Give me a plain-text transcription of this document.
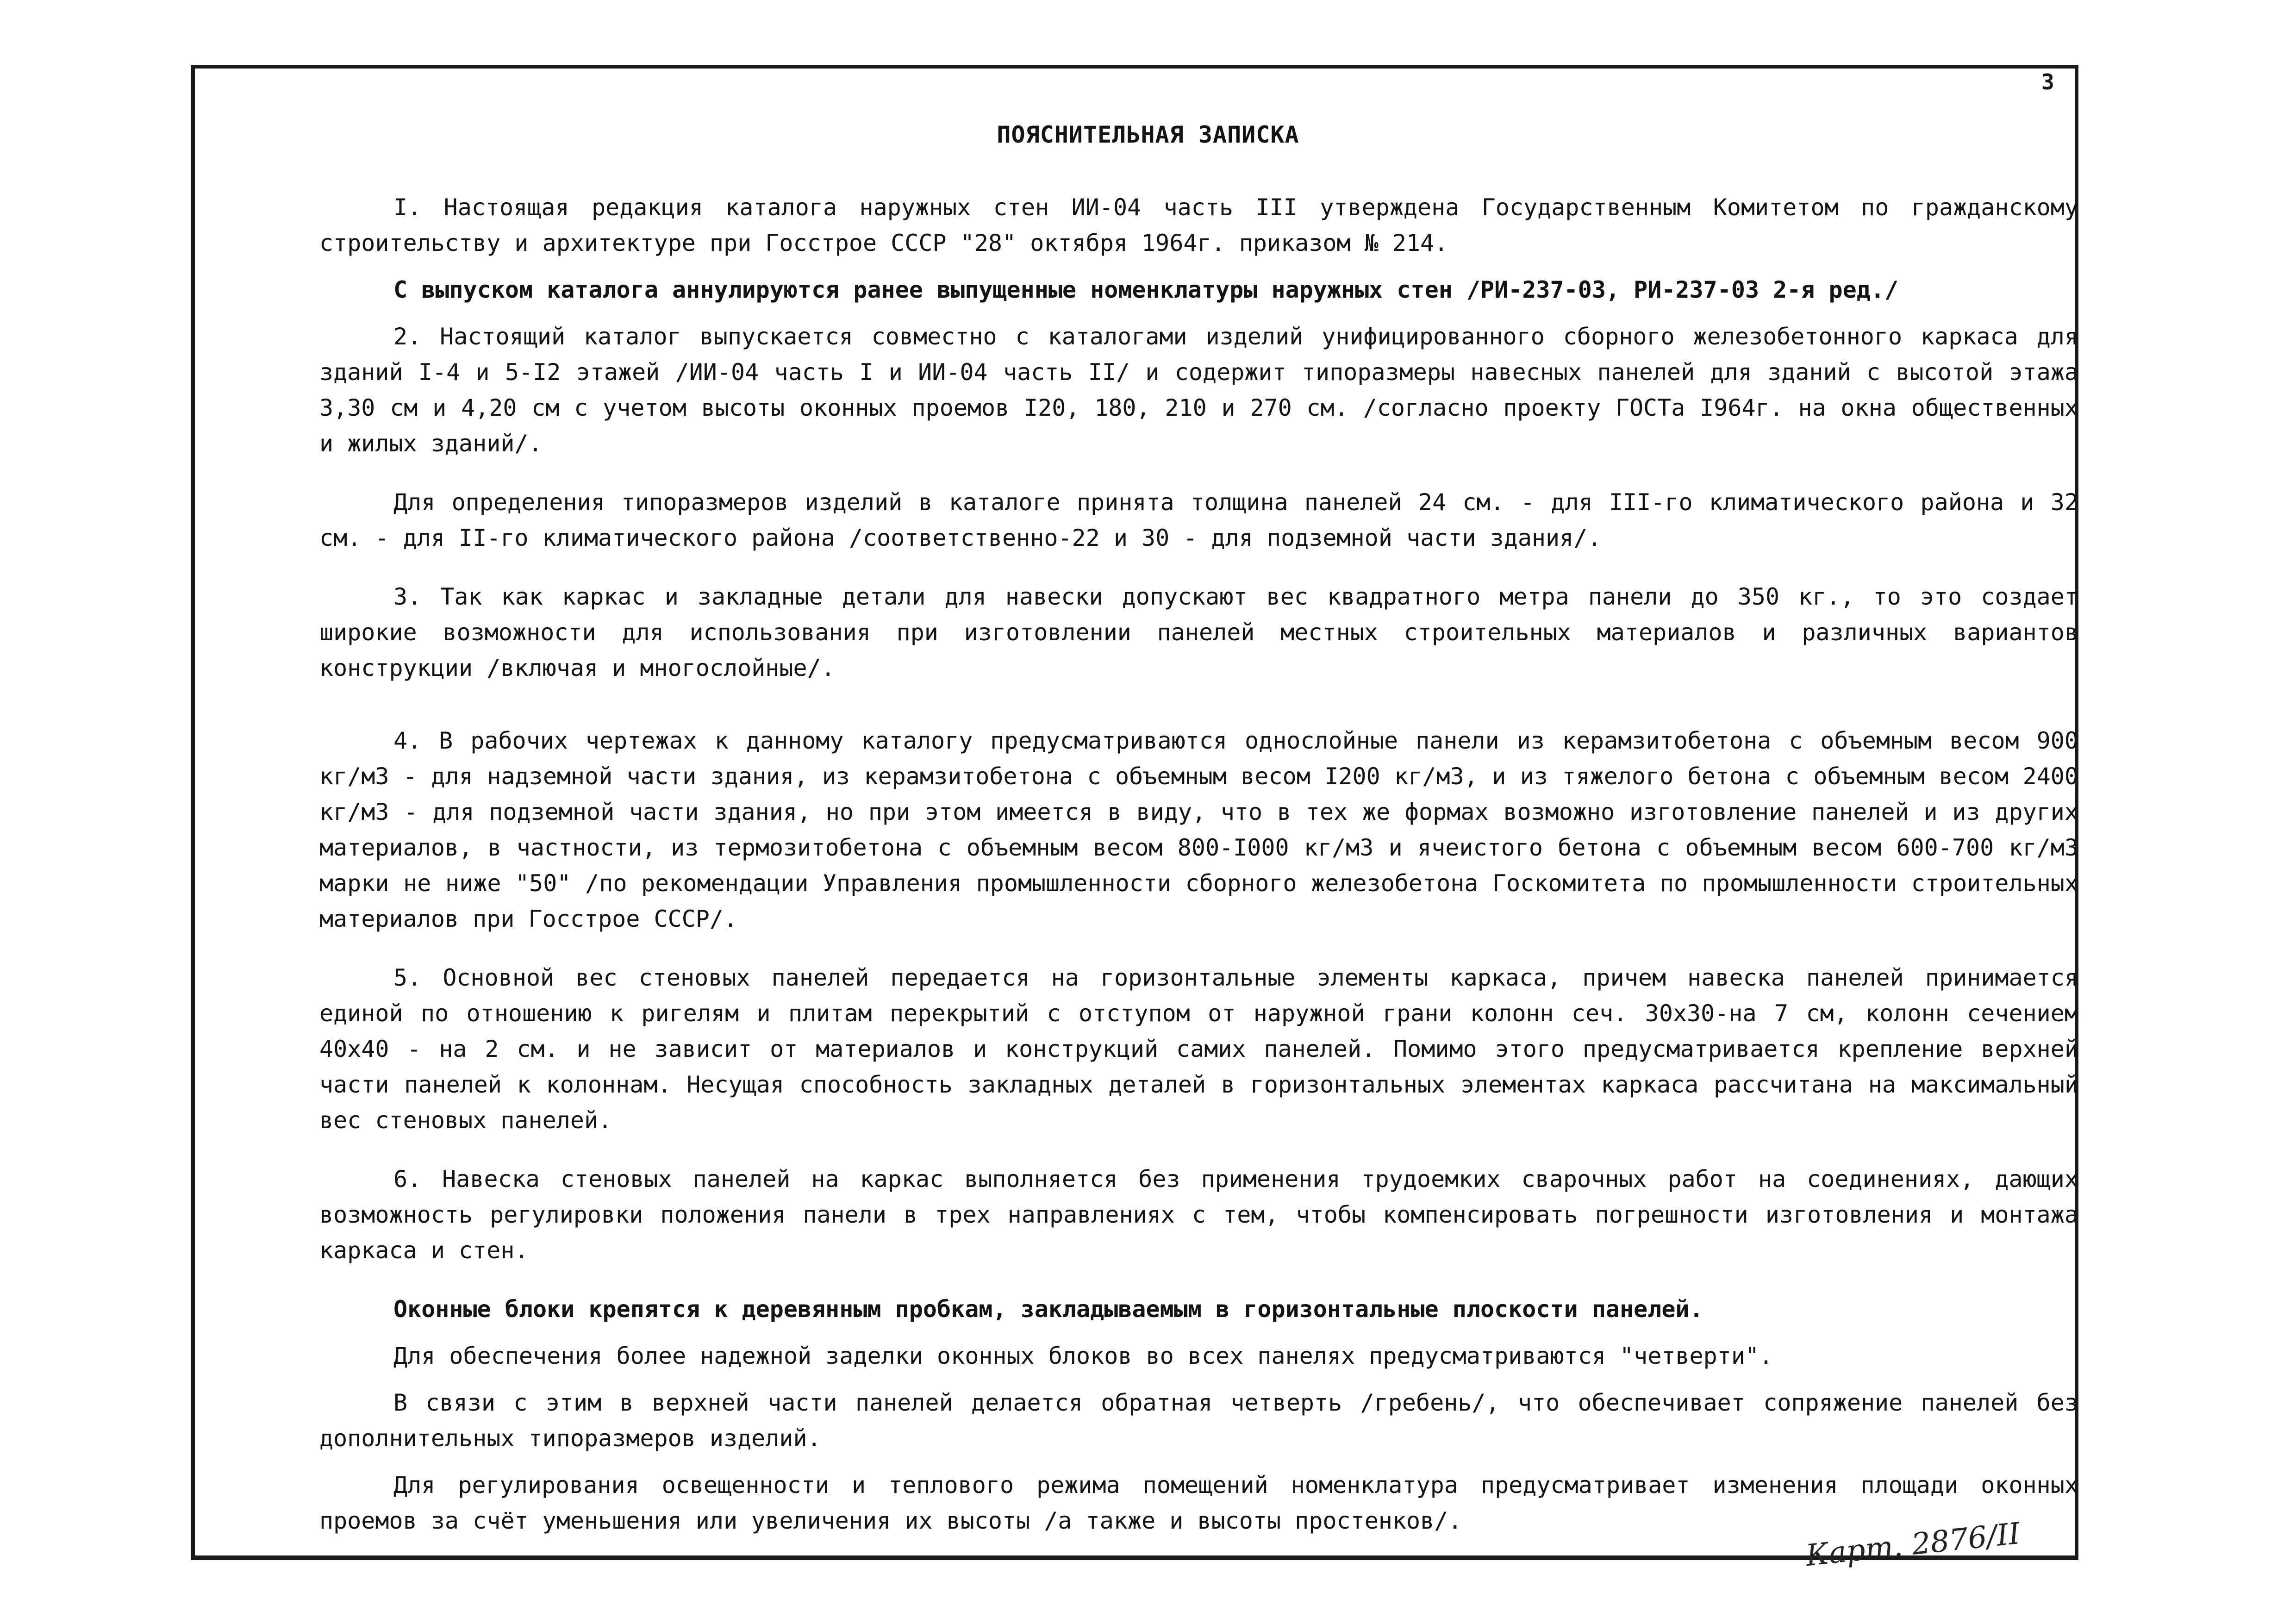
3
ПОЯСНИТЕЛЬНАЯ ЗАПИСКА

I. Настоящая редакция каталога наружных стен ИИ-04 часть III утверждена Государственным Комитетом по гражданскому строительству и архитектуре при Госстрое СССР "28" октября 1964г. приказом № 214.

С выпуском каталога аннулируются ранее выпущенные номенклатуры наружных стен /РИ-237-03, РИ-237-03 2-я ред./

2. Настоящий каталог выпускается совместно с каталогами изделий унифицированного сборного железобетонного каркаса для зданий I-4 и 5-I2 этажей /ИИ-04 часть I и ИИ-04 часть II/ и содержит типоразмеры навесных панелей для зданий с высотой этажа 3,30 см и 4,20 см с учетом высоты оконных проемов I20, 180, 210 и 270 см. /согласно проекту ГОСТа I964г. на окна общественных и жилых зданий/.

Для определения типоразмеров изделий в каталоге принята толщина панелей 24 см. - для III-го климатического района и 32 см. - для II-го климатического района /соответственно-22 и 30 - для подземной части здания/.

3. Так как каркас и закладные детали для навески допускают вес квадратного метра панели до 350 кг., то это создает широкие возможности для использования при изготовлении панелей местных строительных материалов и различных вариантов конструкции /включая и многослойные/.

4. В рабочих чертежах к данному каталогу предусматриваются однослойные панели из керамзитобетона с объемным весом 900 кг/м3 - для надземной части здания, из керамзитобетона с объемным весом I200 кг/м3, и из тяжелого бетона с объемным весом 2400 кг/м3 - для подземной части здания, но при этом имеется в виду, что в тех же формах возможно изготовление панелей и из других материалов, в частности, из термозитобетона с объемным весом 800-I000 кг/м3 и ячеистого бетона с объемным весом 600-700 кг/м3 марки не ниже "50" /по рекомендации Управления промышленности сборного железобетона Госкомитета по промышленности строительных материалов при Госстрое СССР/.

5. Основной вес стеновых панелей передается на горизонтальные элементы каркаса, причем навеска панелей принимается единой по отношению к ригелям и плитам перекрытий с отступом от наружной грани колонн сеч. 30х30-на 7 см, колонн сечением 40х40 - на 2 см. и не зависит от материалов и конструкций самих панелей. Помимо этого предусматривается крепление верхней части панелей к колоннам. Несущая способность закладных деталей в горизонтальных элементах каркаса рассчитана на максимальный вес стеновых панелей.

6. Навеска стеновых панелей на каркас выполняется без применения трудоемких сварочных работ на соединениях, дающих возможность регулировки положения панели в трех направлениях с тем, чтобы компенсировать погрешности изготовления и монтажа каркаса и стен.

Оконные блоки крепятся к деревянным пробкам, закладываемым в горизонтальные плоскости панелей.

Для обеспечения более надежной заделки оконных блоков во всех панелях предусматриваются "четверти".

В связи с этим в верхней части панелей делается обратная четверть /гребень/, что обеспечивает сопряжение панелей без дополнительных типоразмеров изделий.

Для регулирования освещенности и теплового режима помещений номенклатура предусматривает изменения площади оконных проемов за счёт уменьшения или увеличения их высоты /а также и высоты простенков/.	Карт. 2876/II
